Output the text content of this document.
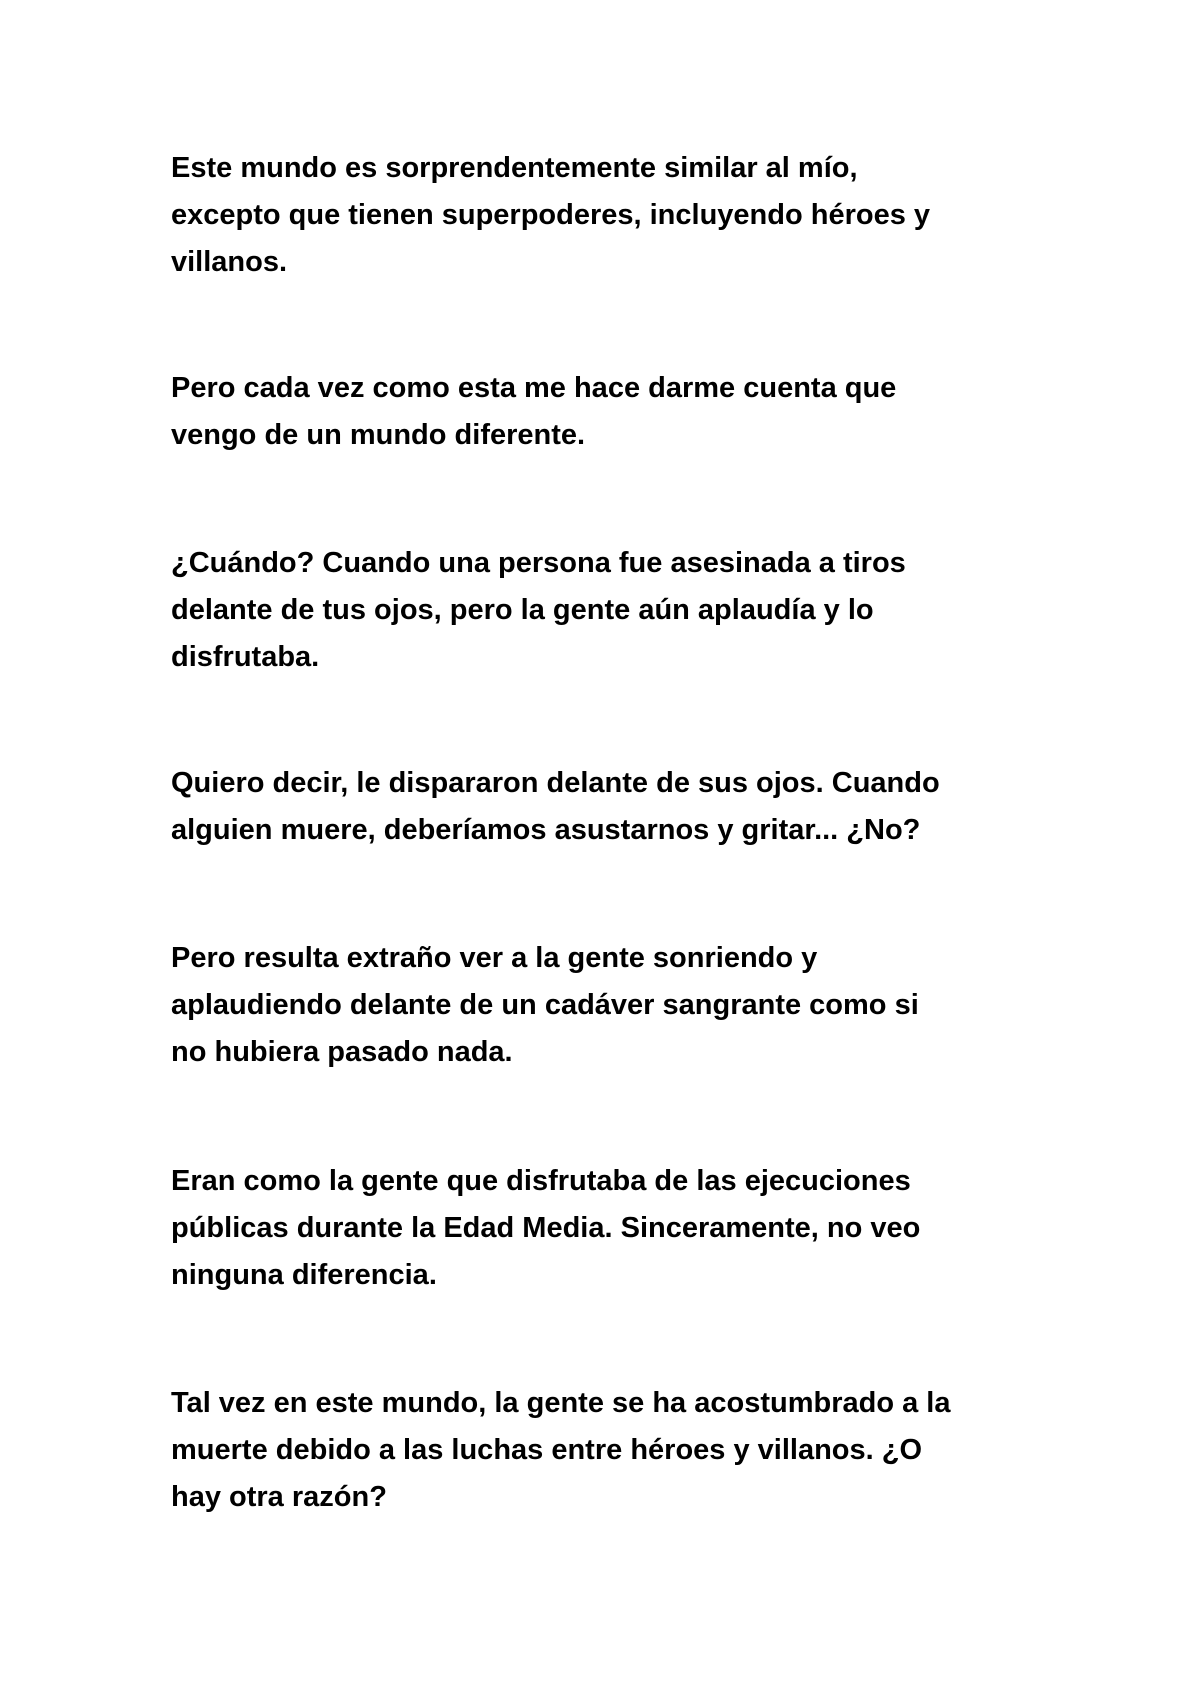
Este mundo es sorprendentemente similar al mío,
excepto que tienen superpoderes, incluyendo héroes y
villanos.

Pero cada vez como esta me hace darme cuenta que
vengo de un mundo diferente.

¿Cuándo? Cuando una persona fue asesinada a tiros
delante de tus ojos, pero la gente aún aplaudía y lo
disfrutaba.

Quiero decir, le dispararon delante de sus ojos. Cuando
alguien muere, deberíamos asustarnos y gritar... ¿No?

Pero resulta extraño ver a la gente sonriendo y
aplaudiendo delante de un cadáver sangrante como si
no hubiera pasado nada.

Eran como la gente que disfrutaba de las ejecuciones
públicas durante la Edad Media. Sinceramente, no veo
ninguna diferencia.

Tal vez en este mundo, la gente se ha acostumbrado a la
muerte debido a las luchas entre héroes y villanos. ¿O
hay otra razón?
